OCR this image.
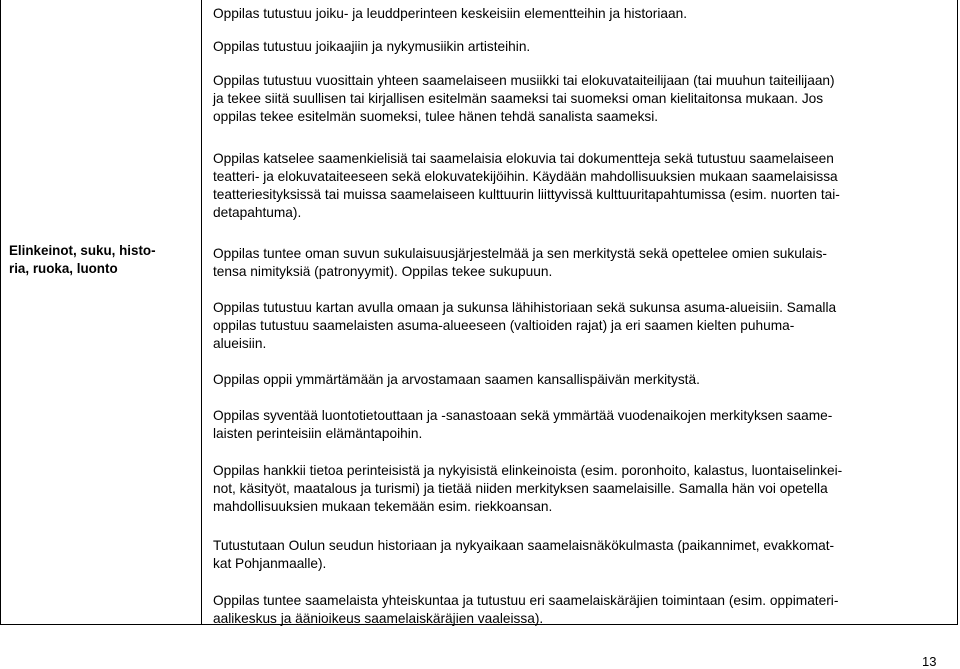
Elinkeinot, suku, histo-
ria, ruoka, luonto
Oppilas tutustuu joiku- ja leuddperinteen keskeisiin elementteihin ja historiaan.
Oppilas tutustuu joikaajiin ja nykymusiikin artisteihin.
Oppilas tutustuu vuosittain yhteen saamelaiseen musiikki tai elokuvataiteilijaan (tai muuhun taiteilijaan)
ja tekee siitä suullisen tai kirjallisen esitelmän saameksi tai suomeksi oman kielitaitonsa mukaan. Jos
oppilas tekee esitelmän suomeksi, tulee hänen tehdä sanalista saameksi.
Oppilas katselee saamenkielisiä tai saamelaisia elokuvia tai dokumentteja sekä tutustuu saamelaiseen
teatteri- ja elokuvataiteeseen sekä elokuvatekijöihin. Käydään mahdollisuuksien mukaan saamelaisissa
teatteriesityksissä tai muissa saamelaiseen kulttuurin liittyvissä kulttuuritapahtumissa (esim. nuorten tai-
detapahtuma).
Oppilas tuntee oman suvun sukulaisuusjärjestelmää ja sen merkitystä sekä opettelee omien sukulais-
tensa nimityksiä (patronyymit). Oppilas tekee sukupuun.
Oppilas tutustuu kartan avulla omaan ja sukunsa lähihistoriaan sekä sukunsa asuma-alueisiin. Samalla
oppilas tutustuu saamelaisten asuma-alueeseen (valtioiden rajat) ja eri saamen kielten puhuma-
alueisiin.
Oppilas oppii ymmärtämään ja arvostamaan saamen kansallispäivän merkitystä.
Oppilas syventää luontotietouttaan ja -sanastoaan sekä ymmärtää vuodenaikojen merkityksen saame-
laisten perinteisiin elämäntapoihin.
Oppilas hankkii tietoa perinteisistä ja nykyisistä elinkeinoista (esim. poronhoito, kalastus, luontaiselinkei-
not, käsityöt, maatalous ja turismi) ja tietää niiden merkityksen saamelaisille. Samalla hän voi opetella
mahdollisuuksien mukaan tekemään esim. riekkoansan.
Tutustutaan Oulun seudun historiaan ja nykyaikaan saamelaisnäkökulmasta (paikannimet, evakkomat-
kat Pohjanmaalle).
Oppilas tuntee saamelaista yhteiskuntaa ja tutustuu eri saamelaiskäräjien toimintaan (esim. oppimateri-
aalikeskus ja äänioikeus saamelaiskäräjien vaaleissa).
13
